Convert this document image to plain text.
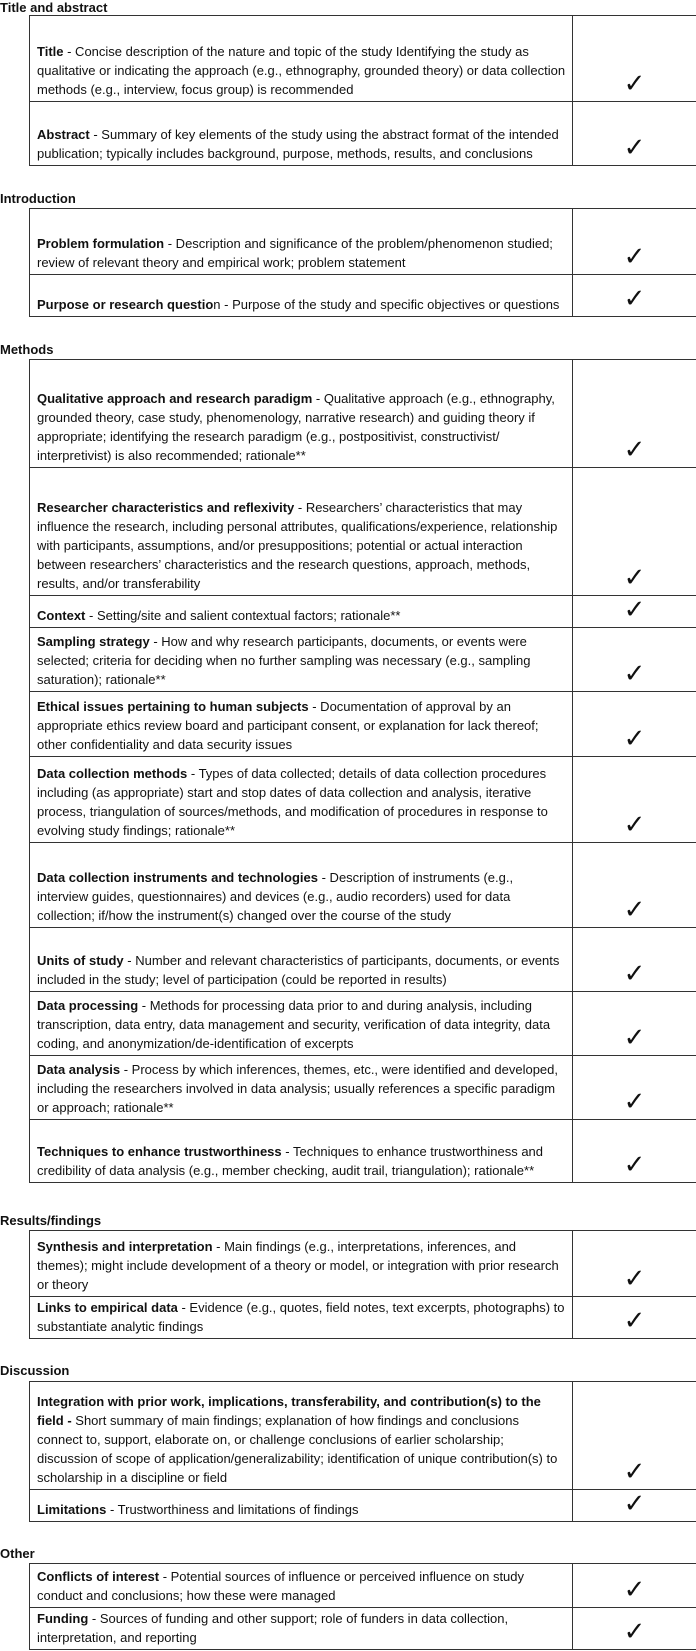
Title and abstract
Title - Concise description of the nature and topic of the study Identifying the study as qualitative or indicating the approach (e.g., ethnography, grounded theory) or data collection methods (e.g., interview, focus group) is recommended	✓
Abstract - Summary of key elements of the study using the abstract format of the intended publication; typically includes background, purpose, methods, results, and conclusions	✓
Introduction
Problem formulation - Description and significance of the problem/phenomenon studied; review of relevant theory and empirical work; problem statement	✓
Purpose or research question - Purpose of the study and specific objectives or questions	✓
Methods
Qualitative approach and research paradigm - Qualitative approach (e.g., ethnography, grounded theory, case study, phenomenology, narrative research) and guiding theory if appropriate; identifying the research paradigm (e.g., postpositivist, constructivist/ interpretivist) is also recommended; rationale**	✓
Researcher characteristics and reflexivity - Researchers’ characteristics that may influence the research, including personal attributes, qualifications/experience, relationship with participants, assumptions, and/or presuppositions; potential or actual interaction between researchers’ characteristics and the research questions, approach, methods, results, and/or transferability	✓
Context - Setting/site and salient contextual factors; rationale**	✓
Sampling strategy - How and why research participants, documents, or events were selected; criteria for deciding when no further sampling was necessary (e.g., sampling saturation); rationale**	✓
Ethical issues pertaining to human subjects - Documentation of approval by an appropriate ethics review board and participant consent, or explanation for lack thereof; other confidentiality and data security issues	✓
Data collection methods - Types of data collected; details of data collection procedures including (as appropriate) start and stop dates of data collection and analysis, iterative process, triangulation of sources/methods, and modification of procedures in response to evolving study findings; rationale**	✓
Data collection instruments and technologies - Description of instruments (e.g., interview guides, questionnaires) and devices (e.g., audio recorders) used for data collection; if/how the instrument(s) changed over the course of the study	✓
Units of study - Number and relevant characteristics of participants, documents, or events included in the study; level of participation (could be reported in results)	✓
Data processing - Methods for processing data prior to and during analysis, including transcription, data entry, data management and security, verification of data integrity, data coding, and anonymization/de-identification of excerpts	✓
Data analysis - Process by which inferences, themes, etc., were identified and developed, including the researchers involved in data analysis; usually references a specific paradigm or approach; rationale**	✓
Techniques to enhance trustworthiness - Techniques to enhance trustworthiness and credibility of data analysis (e.g., member checking, audit trail, triangulation); rationale**	✓
Results/findings
Synthesis and interpretation - Main findings (e.g., interpretations, inferences, and themes); might include development of a theory or model, or integration with prior research or theory	✓
Links to empirical data - Evidence (e.g., quotes, field notes, text excerpts, photographs) to substantiate analytic findings	✓
Discussion
Integration with prior work, implications, transferability, and contribution(s) to the field - Short summary of main findings; explanation of how findings and conclusions connect to, support, elaborate on, or challenge conclusions of earlier scholarship; discussion of scope of application/generalizability; identification of unique contribution(s) to scholarship in a discipline or field	✓
Limitations - Trustworthiness and limitations of findings	✓
Other
Conflicts of interest - Potential sources of influence or perceived influence on study conduct and conclusions; how these were managed	✓
Funding - Sources of funding and other support; role of funders in data collection, interpretation, and reporting	✓
